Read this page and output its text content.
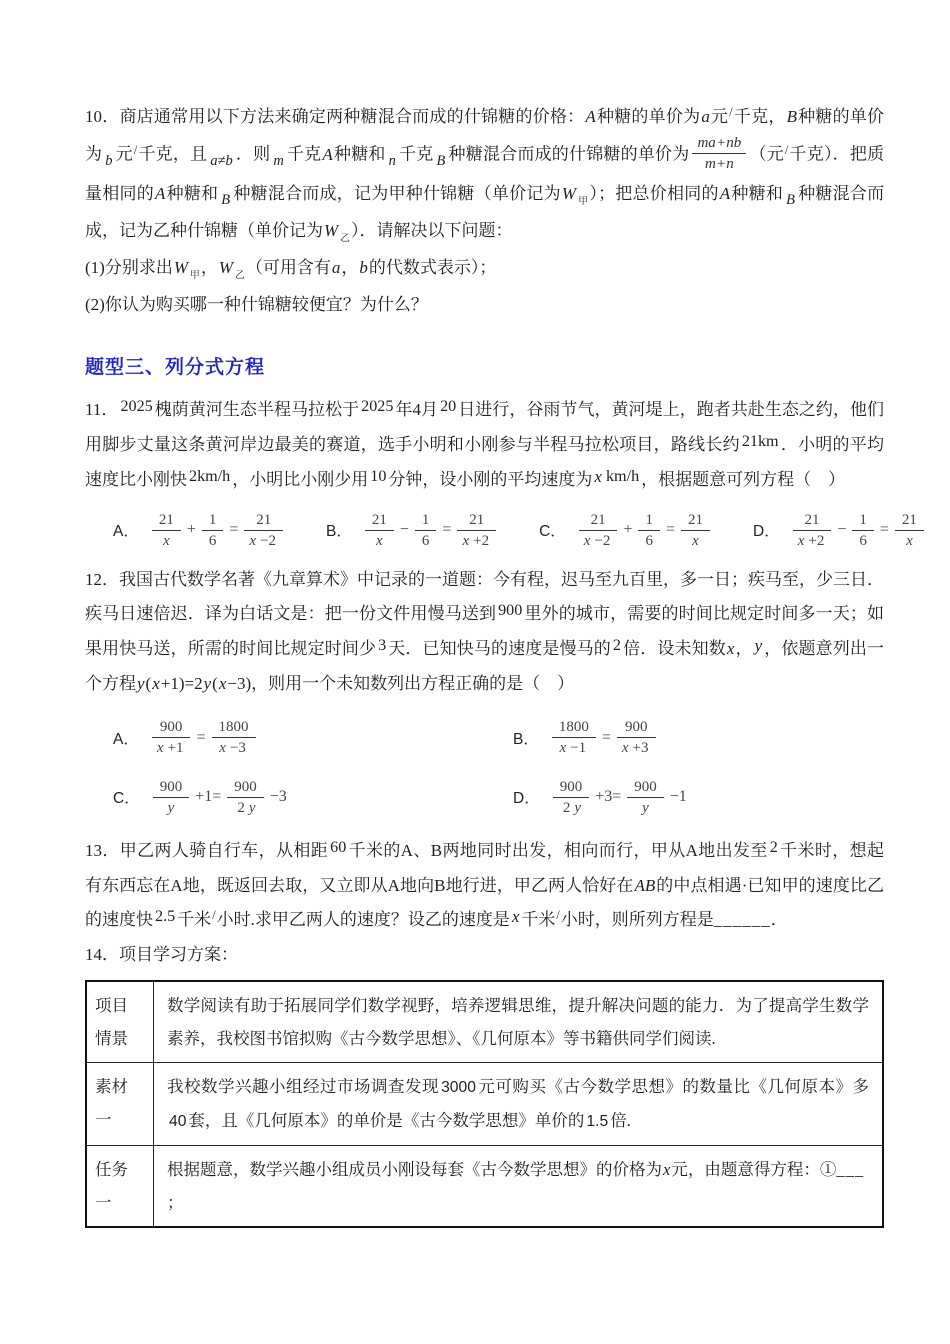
10．商店通常用以下方法来确定两种糖混合而成的什锦糖的价格：A种糖的单价为a元/千克，B种糖的单价为 $_b$ 元/千克，且 $_{a\ne b}$ ．则 $_m$ 千克A种糖和 $_n$ 千克 $_B$ 种糖混合而成的什锦糖的单价为 $\frac{ma+nb}{m+n}$ （元/千克）．把质量相同的A种糖和 $_B$ 种糖混合而成，记为甲种什锦糖（单价记为W $_甲$）；把总价相同的A种糖和 $_B$ 种糖混合而成，记为乙种什锦糖（单价记为W $_乙$）．请解决以下问题：
(1)分别求出W $_甲$，W $_乙$（可用含有a，b的代数式表示）；
(2)你认为购买哪一种什锦糖较便宜？为什么？
题型三、列分式方程
11． 2025 槐荫黄河生态半程马拉松于 2025 年4月 20 日进行，谷雨节气，黄河堤上，跑者共赴生态之约，他们用脚步丈量这条黄河岸边最美的赛道，选手小明和小刚参与半程马拉松项目，路线长约 21km ．小明的平均速度比小刚快 2km/h ，小明比小刚少用 10 分钟，设小刚的平均速度为 x km/h ，根据题意可列方程（　）
A． $\frac{21}{x} + \frac{1}{6} = \frac{21}{x -2}$	B． $\frac{21}{x} - \frac{1}{6} = \frac{21}{x +2}$	C． $\frac{21}{x -2} + \frac{1}{6} = \frac{21}{x}$	D． $\frac{21}{x +2} - \frac{1}{6} = \frac{21}{x}$
12．我国古代数学名著《九章算术》中记录的一道题：今有程，迟马至九百里，多一日；疾马至，少三日．疾马日速倍迟．译为白话文是：把一份文件用慢马送到 900 里外的城市，需要的时间比规定时间多一天；如果用快马送，所需的时间比规定时间少 3 天．已知快马的速度是慢马的 2 倍．设未知数x， y ，依题意列出一个方程y(x+1)=2y(x−3)，则用一个未知数列出方程正确的是（　）
A． $\frac{900}{x +1} = \frac{1800}{x -3}$	B． $\frac{1800}{x -1} = \frac{900}{x +3}$
C． $\frac{900}{y} +1= \frac{900}{2 y} -3$	D． $\frac{900}{2 y} +3= \frac{900}{y} -1$
13．甲乙两人骑自行车，从相距 60 千米的A、B两地同时出发，相向而行，甲从A地出发至 2 千米时，想起有东西忘在A地，既返回去取，又立即从A地向B地行进，甲乙两人恰好在AB的中点相遇·已知甲的速度比乙的速度快 2.5 千米/小时.求甲乙两人的速度？设乙的速度是 x 千米/小时，则所列方程是______．
14．项目学习方案：
项目
情景	数学阅读有助于拓展同学们数学视野，培养逻辑思维，提升解决问题的能力．为了提高学生数学素养，我校图书馆拟购《古今数学思想》、《几何原本》等书籍供同学们阅读.

素材
一	我校数学兴趣小组经过市场调查发现 3000 元可购买《古今数学思想》的数量比《几何原本》多40 套，且《几何原本》的单价是《古今数学思想》单价的 1.5 倍.

任务
一
	根据题意，数学兴趣小组成员小刚设每套《古今数学思想》的价格为x元，由题意得方程：①___
；
